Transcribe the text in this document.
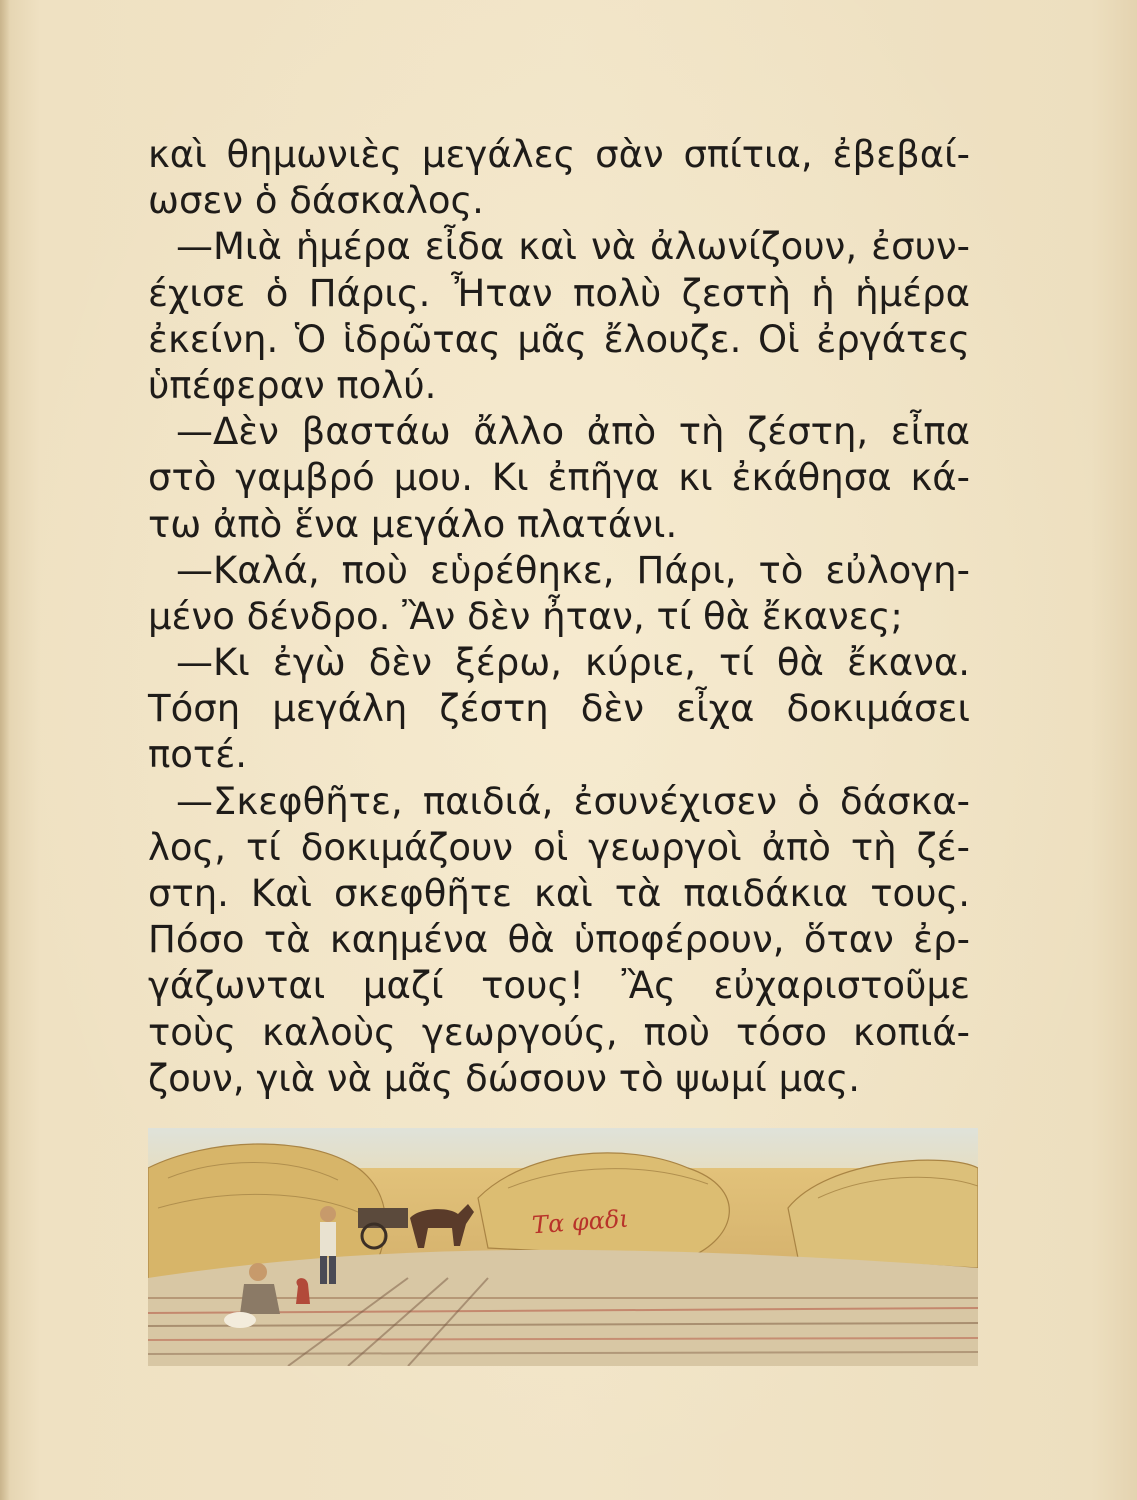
καὶ θημωνιὲς μεγάλες σὰν σπίτια, ἐβεβαί-
ωσεν ὁ δάσκαλος.
—Μιὰ ἡμέρα εἶδα καὶ νὰ ἀλωνίζουν, ἐσυν-
έχισε ὁ Πάρις. Ἦταν πολὺ ζεστὴ ἡ ἡμέρα
ἐκείνη. Ὁ ἱδρῶτας μᾶς ἔλουζε. Οἱ ἐργάτες
ὑπέφεραν πολύ.
—Δὲν βαστάω ἄλλο ἀπὸ τὴ ζέστη, εἶπα
στὸ γαμβρό μου. Κι ἐπῆγα κι ἐκάθησα κά-
τω ἀπὸ ἕνα μεγάλο πλατάνι.
—Καλά, ποὺ εὑρέθηκε, Πάρι, τὸ εὐλογη-
μένο δένδρο. Ἂν δὲν ἦταν, τί θὰ ἔκανες;
—Κι ἐγὼ δὲν ξέρω, κύριε, τί θὰ ἔκανα.
Τόση μεγάλη ζέστη δὲν εἶχα δοκιμάσει
ποτέ.
—Σκεφθῆτε, παιδιά, ἐσυνέχισεν ὁ δάσκα-
λος, τί δοκιμάζουν οἱ γεωργοὶ ἀπὸ τὴ ζέ-
στη. Καὶ σκεφθῆτε καὶ τὰ παιδάκια τους.
Πόσο τὰ καημένα θὰ ὑποφέρουν, ὅταν ἐρ-
γάζωνται μαζί τους! Ἂς εὐχαριστοῦμε
τοὺς καλοὺς γεωργούς, ποὺ τόσο κοπιά-
ζουν, γιὰ νὰ μᾶς δώσουν τὸ ψωμί μας.
Τα φαδι
